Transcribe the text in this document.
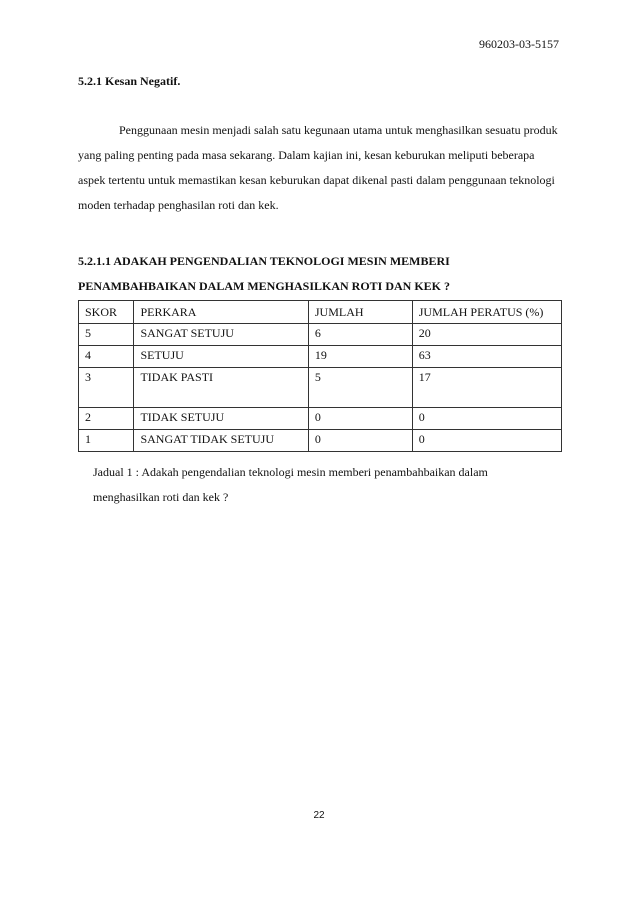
960203-03-5157
5.2.1 Kesan Negatif.

Penggunaan mesin menjadi salah satu kegunaan utama untuk menghasilkan sesuatu produk yang paling penting pada masa sekarang. Dalam kajian ini, kesan keburukan meliputi beberapa aspek tertentu untuk memastikan kesan keburukan dapat dikenal pasti dalam penggunaan teknologi moden terhadap penghasilan roti dan kek.

5.2.1.1 ADAKAH PENGENDALIAN TEKNOLOGI MESIN MEMBERI
PENAMBAHBAIKAN DALAM MENGHASILKAN ROTI DAN KEK ?
SKOR	PERKARA	JUMLAH	JUMLAH PERATUS (%)
5	SANGAT SETUJU	6	20
4	SETUJU	19	63
3	TIDAK PASTI	5	17
2	TIDAK SETUJU	0	0
1	SANGAT TIDAK SETUJU	0	0
Jadual 1 : Adakah pengendalian teknologi mesin memberi penambahbaikan dalam
menghasilkan roti dan kek ?
22
